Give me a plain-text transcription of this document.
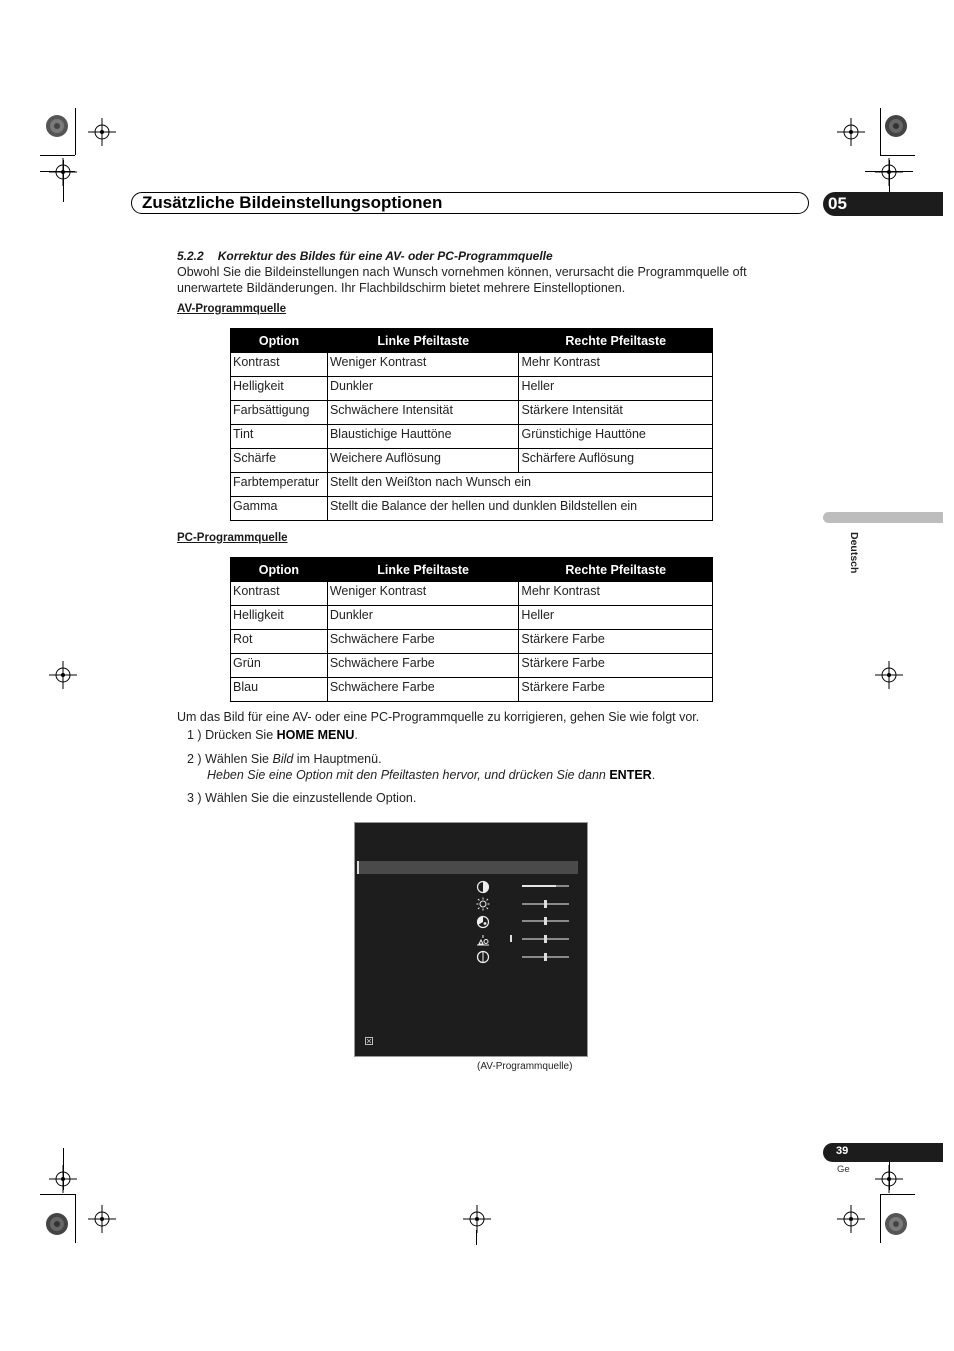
Zusätzliche Bildeinstellungsoptionen	05
5.2.2 Korrektur des Bildes für eine AV- oder PC-Programmquelle
Obwohl Sie die Bildeinstellungen nach Wunsch vornehmen können, verursacht die Programmquelle oft
unerwartete Bildänderungen. Ihr Flachbildschirm bietet mehrere Einstelloptionen.
AV-Programmquelle
Option	Linke Pfeiltaste	Rechte Pfeiltaste
Kontrast	Weniger Kontrast	Mehr Kontrast
Helligkeit	Dunkler	Heller
Farbsättigung	Schwächere Intensität	Stärkere Intensität
Tint	Blaustichige Hauttöne	Grünstichige Hauttöne
Schärfe	Weichere Auflösung	Schärfere Auflösung
Farbtemperatur	Stellt den Weißton nach Wunsch ein	
Gamma	Stellt die Balance der hellen und dunklen Bildstellen ein	
PC-Programmquelle
Option	Linke Pfeiltaste	Rechte Pfeiltaste
Kontrast	Weniger Kontrast	Mehr Kontrast
Helligkeit	Dunkler	Heller
Rot	Schwächere Farbe	Stärkere Farbe
Grün	Schwächere Farbe	Stärkere Farbe
Blau	Schwächere Farbe	Stärkere Farbe
Deutsch
Um das Bild für eine AV- oder eine PC-Programmquelle zu korrigieren, gehen Sie wie folgt vor.
1 ) Drücken Sie HOME MENU.
2 ) Wählen Sie Bild im Hauptmenü.
Heben Sie eine Option mit den Pfeiltasten hervor, und drücken Sie dann ENTER.
3 ) Wählen Sie die einzustellende Option.
(AV-Programmquelle)
39
Ge
